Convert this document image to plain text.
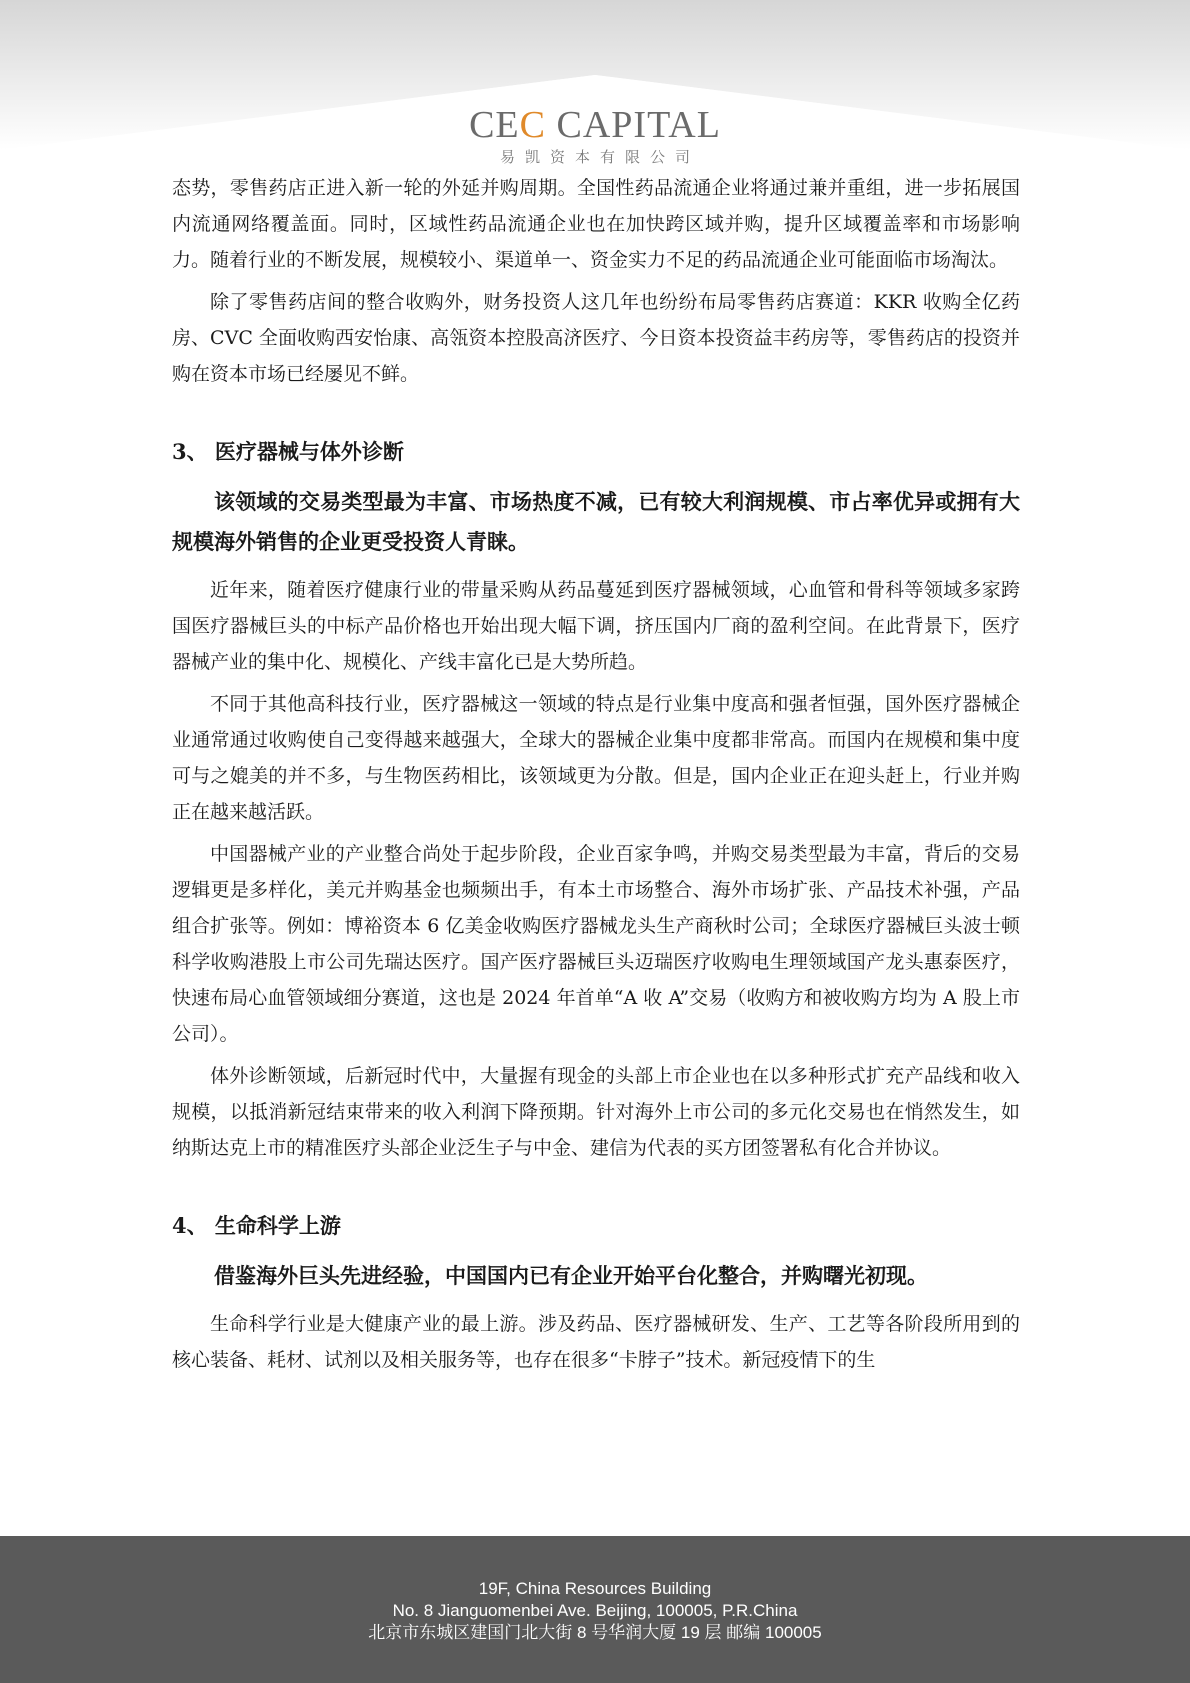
CEC CAPITAL
易凯资本有限公司

态势，零售药店正进入新一轮的外延并购周期。全国性药品流通企业将通过兼并重组，进一步拓展国内流通网络覆盖面。同时，区域性药品流通企业也在加快跨区域并购，提升区域覆盖率和市场影响力。随着行业的不断发展，规模较小、渠道单一、资金实力不足的药品流通企业可能面临市场淘汰。

除了零售药店间的整合收购外，财务投资人这几年也纷纷布局零售药店赛道：KKR 收购全亿药房、CVC 全面收购西安怡康、高瓴资本控股高济医疗、今日资本投资益丰药房等，零售药店的投资并购在资本市场已经屡见不鲜。

3、 医疗器械与体外诊断

该领域的交易类型最为丰富、市场热度不减，已有较大利润规模、市占率优异或拥有大规模海外销售的企业更受投资人青睐。

近年来，随着医疗健康行业的带量采购从药品蔓延到医疗器械领域，心血管和骨科等领域多家跨国医疗器械巨头的中标产品价格也开始出现大幅下调，挤压国内厂商的盈利空间。在此背景下，医疗器械产业的集中化、规模化、产线丰富化已是大势所趋。

不同于其他高科技行业，医疗器械这一领域的特点是行业集中度高和强者恒强，国外医疗器械企业通常通过收购使自己变得越来越强大，全球大的器械企业集中度都非常高。而国内在规模和集中度可与之媲美的并不多，与生物医药相比，该领域更为分散。但是，国内企业正在迎头赶上，行业并购正在越来越活跃。

中国器械产业的产业整合尚处于起步阶段，企业百家争鸣，并购交易类型最为丰富，背后的交易逻辑更是多样化，美元并购基金也频频出手，有本土市场整合、海外市场扩张、产品技术补强，产品组合扩张等。例如：博裕资本 6 亿美金收购医疗器械龙头生产商秋时公司；全球医疗器械巨头波士顿科学收购港股上市公司先瑞达医疗。国产医疗器械巨头迈瑞医疗收购电生理领域国产龙头惠泰医疗，快速布局心血管领域细分赛道，这也是 2024 年首单“A 收 A”交易（收购方和被收购方均为 A 股上市公司）。

体外诊断领域，后新冠时代中，大量握有现金的头部上市企业也在以多种形式扩充产品线和收入规模，以抵消新冠结束带来的收入利润下降预期。针对海外上市公司的多元化交易也在悄然发生，如纳斯达克上市的精准医疗头部企业泛生子与中金、建信为代表的买方团签署私有化合并协议。

4、 生命科学上游

借鉴海外巨头先进经验，中国国内已有企业开始平台化整合，并购曙光初现。

生命科学行业是大健康产业的最上游。涉及药品、医疗器械研发、生产、工艺等各阶段所用到的核心装备、耗材、试剂以及相关服务等，也存在很多“卡脖子”技术。新冠疫情下的生

19F, China Resources Building
No. 8 Jianguomenbei Ave. Beijing, 100005, P.R.China
北京市东城区建国门北大街 8 号华润大厦 19 层 邮编 100005
